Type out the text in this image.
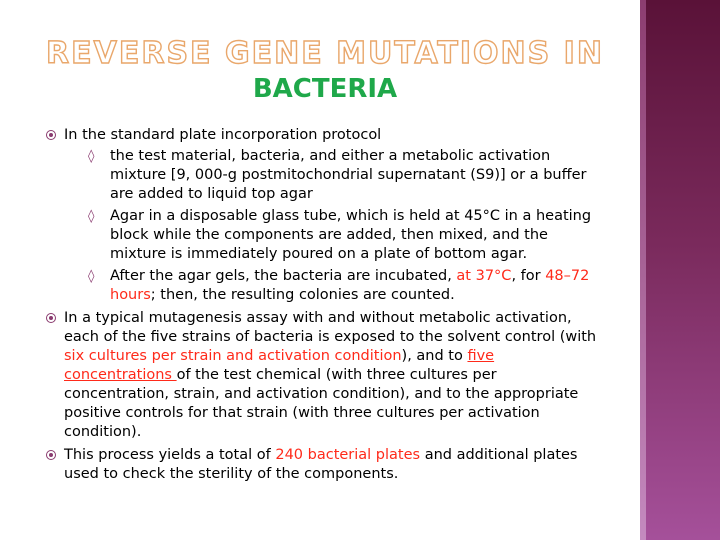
REVERSE GENE MUTATIONS IN
BACTERIA
In the standard plate incorporation protocol
◊ the test material, bacteria, and either a metabolic activation mixture [9, 000-g postmitochondrial supernatant (S9)] or a buffer are added to liquid top agar
◊ Agar in a disposable glass tube, which is held at 45°C in a heating block while the components are added, then mixed, and the mixture is immediately poured on a plate of bottom agar.
◊ After the agar gels, the bacteria are incubated, at 37°C, for 48–72 hours; then, the resulting colonies are counted.
In a typical mutagenesis assay with and without metabolic activation, each of the five strains of bacteria is exposed to the solvent control (with six cultures per strain and activation condition), and to five concentrations of the test chemical (with three cultures per concentration, strain, and activation condition), and to the appropriate positive controls for that strain (with three cultures per activation condition).
This process yields a total of 240 bacterial plates and additional plates used to check the sterility of the components.
